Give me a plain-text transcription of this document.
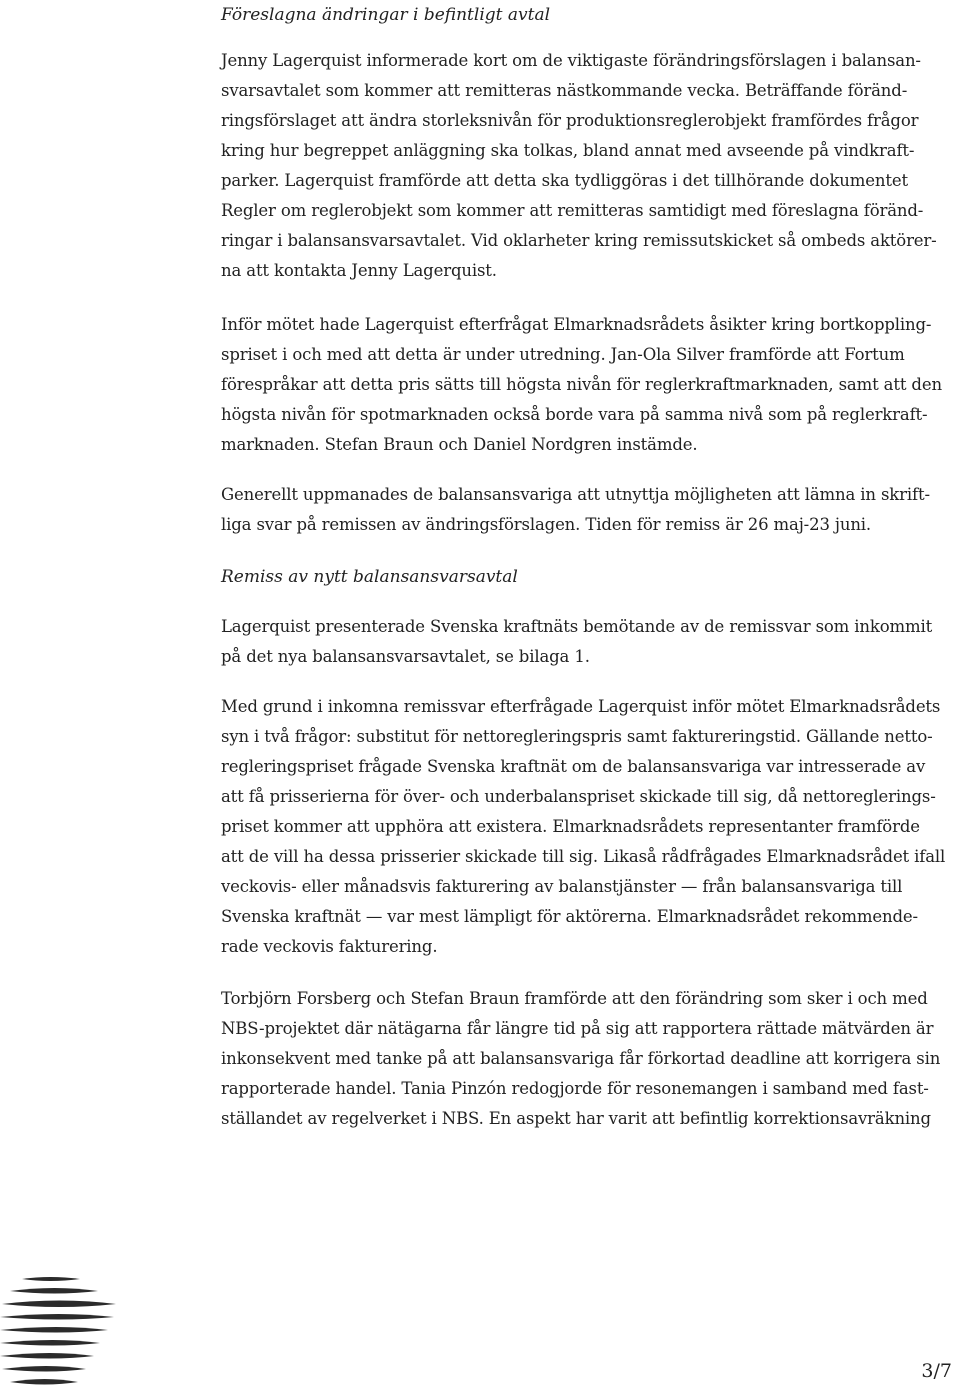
Föreslagna ändringar i befintligt avtal

Jenny Lagerquist informerade kort om de viktigaste förändringsförslagen i balansan-
svarsavtalet som kommer att remitteras nästkommande vecka. Beträffande föränd-
ringsförslaget att ändra storleksnivån för produktionsreglerobjekt framfördes frågor
kring hur begreppet anläggning ska tolkas, bland annat med avseende på vindkraft-
parker. Lagerquist framförde att detta ska tydliggöras i det tillhörande dokumentet
Regler om reglerobjekt som kommer att remitteras samtidigt med föreslagna föränd-
ringar i balansansvarsavtalet. Vid oklarheter kring remissutskicket så ombeds aktörer-
na att kontakta Jenny Lagerquist.
Inför mötet hade Lagerquist efterfrågat Elmarknadsrådets åsikter kring bortkoppling-
spriset i och med att detta är under utredning. Jan-Ola Silver framförde att Fortum
förespråkar att detta pris sätts till högsta nivån för reglerkraftmarknaden, samt att den
högsta nivån för spotmarknaden också borde vara på samma nivå som på reglerkraft-
marknaden. Stefan Braun och Daniel Nordgren instämde.
Generellt uppmanades de balansansvariga att utnyttja möjligheten att lämna in skrift-
liga svar på remissen av ändringsförslagen. Tiden för remiss är 26 maj-23 juni.

Remiss av nytt balansansvarsavtal

Lagerquist presenterade Svenska kraftnäts bemötande av de remissvar som inkommit
på det nya balansansvarsavtalet, se bilaga 1.
Med grund i inkomna remissvar efterfrågade Lagerquist inför mötet Elmarknadsrådets
syn i två frågor: substitut för nettoregleringspris samt faktureringstid. Gällande netto-
regleringspriset frågade Svenska kraftnät om de balansansvariga var intresserade av
att få prisserierna för över- och underbalanspriset skickade till sig, då nettoreglerings-
priset kommer att upphöra att existera. Elmarknadsrådets representanter framförde
att de vill ha dessa prisserier skickade till sig. Likaså rådfrågades Elmarknadsrådet ifall
veckovis- eller månadsvis fakturering av balanstjänster — från balansansvariga till
Svenska kraftnät — var mest lämpligt för aktörerna. Elmarknadsrådet rekommende-
rade veckovis fakturering.
Torbjörn Forsberg och Stefan Braun framförde att den förändring som sker i och med
NBS-projektet där nätägarna får längre tid på sig att rapportera rättade mätvärden är
inkonsekvent med tanke på att balansansvariga får förkortad deadline att korrigera sin
rapporterade handel. Tania Pinzón redogjorde för resonemangen i samband med fast-
ställandet av regelverket i NBS. En aspekt har varit att befintlig korrektionsavräkning
3/7
